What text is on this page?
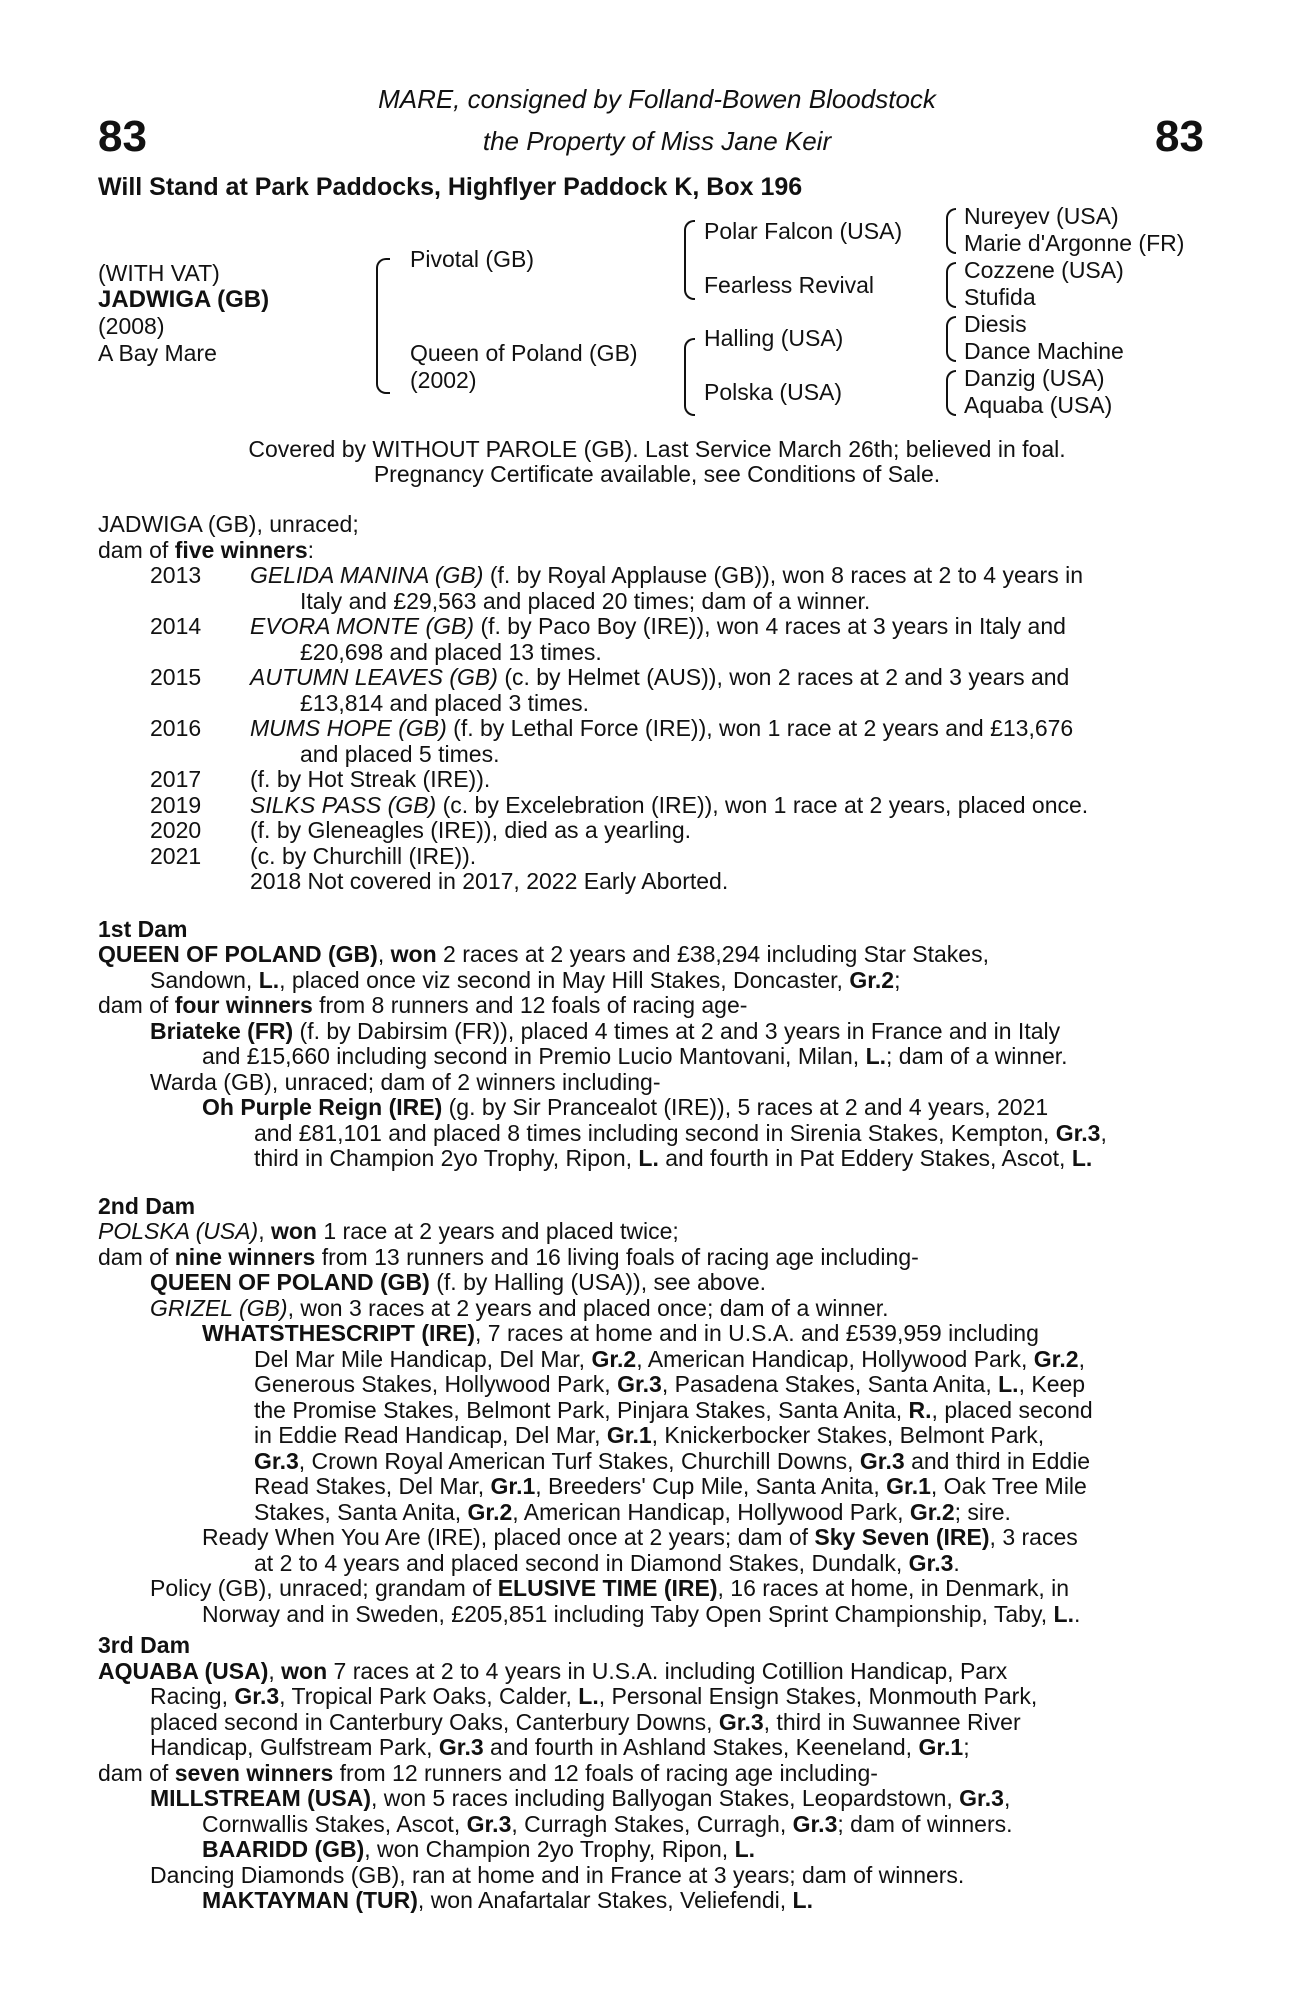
83	83
MARE, consigned by Folland-Bowen Bloodstock
the Property of Miss Jane Keir
Will Stand at Park Paddocks, Highflyer Paddock K, Box 196
(WITH VAT)
JADWIGA (GB)
(2008)
A Bay Mare
Pivotal (GB)
Queen of Poland (GB)
(2002)
Polar Falcon (USA)
Fearless Revival
Halling (USA)
Polska (USA)
Nureyev (USA)
Marie d'Argonne (FR)
Cozzene (USA)
Stufida
Diesis
Dance Machine
Danzig (USA)
Aquaba (USA)
Covered by WITHOUT PAROLE (GB). Last Service March 26th; believed in foal.
Pregnancy Certificate available, see Conditions of Sale.
JADWIGA (GB), unraced;
dam of five winners:
2013 GELIDA MANINA (GB) (f. by Royal Applause (GB)), won 8 races at 2 to 4 years in
Italy and £29,563 and placed 20 times; dam of a winner.
2014 EVORA MONTE (GB) (f. by Paco Boy (IRE)), won 4 races at 3 years in Italy and
£20,698 and placed 13 times.
2015 AUTUMN LEAVES (GB) (c. by Helmet (AUS)), won 2 races at 2 and 3 years and
£13,814 and placed 3 times.
2016 MUMS HOPE (GB) (f. by Lethal Force (IRE)), won 1 race at 2 years and £13,676
and placed 5 times.
2017 (f. by Hot Streak (IRE)).
2019 SILKS PASS (GB) (c. by Excelebration (IRE)), won 1 race at 2 years, placed once.
2020 (f. by Gleneagles (IRE)), died as a yearling.
2021 (c. by Churchill (IRE)).
2018 Not covered in 2017, 2022 Early Aborted.
1st Dam
QUEEN OF POLAND (GB), won 2 races at 2 years and £38,294 including Star Stakes,
Sandown, L., placed once viz second in May Hill Stakes, Doncaster, Gr.2;
dam of four winners from 8 runners and 12 foals of racing age-
Briateke (FR) (f. by Dabirsim (FR)), placed 4 times at 2 and 3 years in France and in Italy
and £15,660 including second in Premio Lucio Mantovani, Milan, L.; dam of a winner.
Warda (GB), unraced; dam of 2 winners including-
Oh Purple Reign (IRE) (g. by Sir Prancealot (IRE)), 5 races at 2 and 4 years, 2021
and £81,101 and placed 8 times including second in Sirenia Stakes, Kempton, Gr.3,
third in Champion 2yo Trophy, Ripon, L. and fourth in Pat Eddery Stakes, Ascot, L.
2nd Dam
POLSKA (USA), won 1 race at 2 years and placed twice;
dam of nine winners from 13 runners and 16 living foals of racing age including-
QUEEN OF POLAND (GB) (f. by Halling (USA)), see above.
GRIZEL (GB), won 3 races at 2 years and placed once; dam of a winner.
WHATSTHESCRIPT (IRE), 7 races at home and in U.S.A. and £539,959 including
Del Mar Mile Handicap, Del Mar, Gr.2, American Handicap, Hollywood Park, Gr.2,
Generous Stakes, Hollywood Park, Gr.3, Pasadena Stakes, Santa Anita, L., Keep
the Promise Stakes, Belmont Park, Pinjara Stakes, Santa Anita, R., placed second
in Eddie Read Handicap, Del Mar, Gr.1, Knickerbocker Stakes, Belmont Park,
Gr.3, Crown Royal American Turf Stakes, Churchill Downs, Gr.3 and third in Eddie
Read Stakes, Del Mar, Gr.1, Breeders' Cup Mile, Santa Anita, Gr.1, Oak Tree Mile
Stakes, Santa Anita, Gr.2, American Handicap, Hollywood Park, Gr.2; sire.
Ready When You Are (IRE), placed once at 2 years; dam of Sky Seven (IRE), 3 races
at 2 to 4 years and placed second in Diamond Stakes, Dundalk, Gr.3.
Policy (GB), unraced; grandam of ELUSIVE TIME (IRE), 16 races at home, in Denmark, in
Norway and in Sweden, £205,851 including Taby Open Sprint Championship, Taby, L..
3rd Dam
AQUABA (USA), won 7 races at 2 to 4 years in U.S.A. including Cotillion Handicap, Parx
Racing, Gr.3, Tropical Park Oaks, Calder, L., Personal Ensign Stakes, Monmouth Park,
placed second in Canterbury Oaks, Canterbury Downs, Gr.3, third in Suwannee River
Handicap, Gulfstream Park, Gr.3 and fourth in Ashland Stakes, Keeneland, Gr.1;
dam of seven winners from 12 runners and 12 foals of racing age including-
MILLSTREAM (USA), won 5 races including Ballyogan Stakes, Leopardstown, Gr.3,
Cornwallis Stakes, Ascot, Gr.3, Curragh Stakes, Curragh, Gr.3; dam of winners.
BAARIDD (GB), won Champion 2yo Trophy, Ripon, L.
Dancing Diamonds (GB), ran at home and in France at 3 years; dam of winners.
MAKTAYMAN (TUR), won Anafartalar Stakes, Veliefendi, L.
